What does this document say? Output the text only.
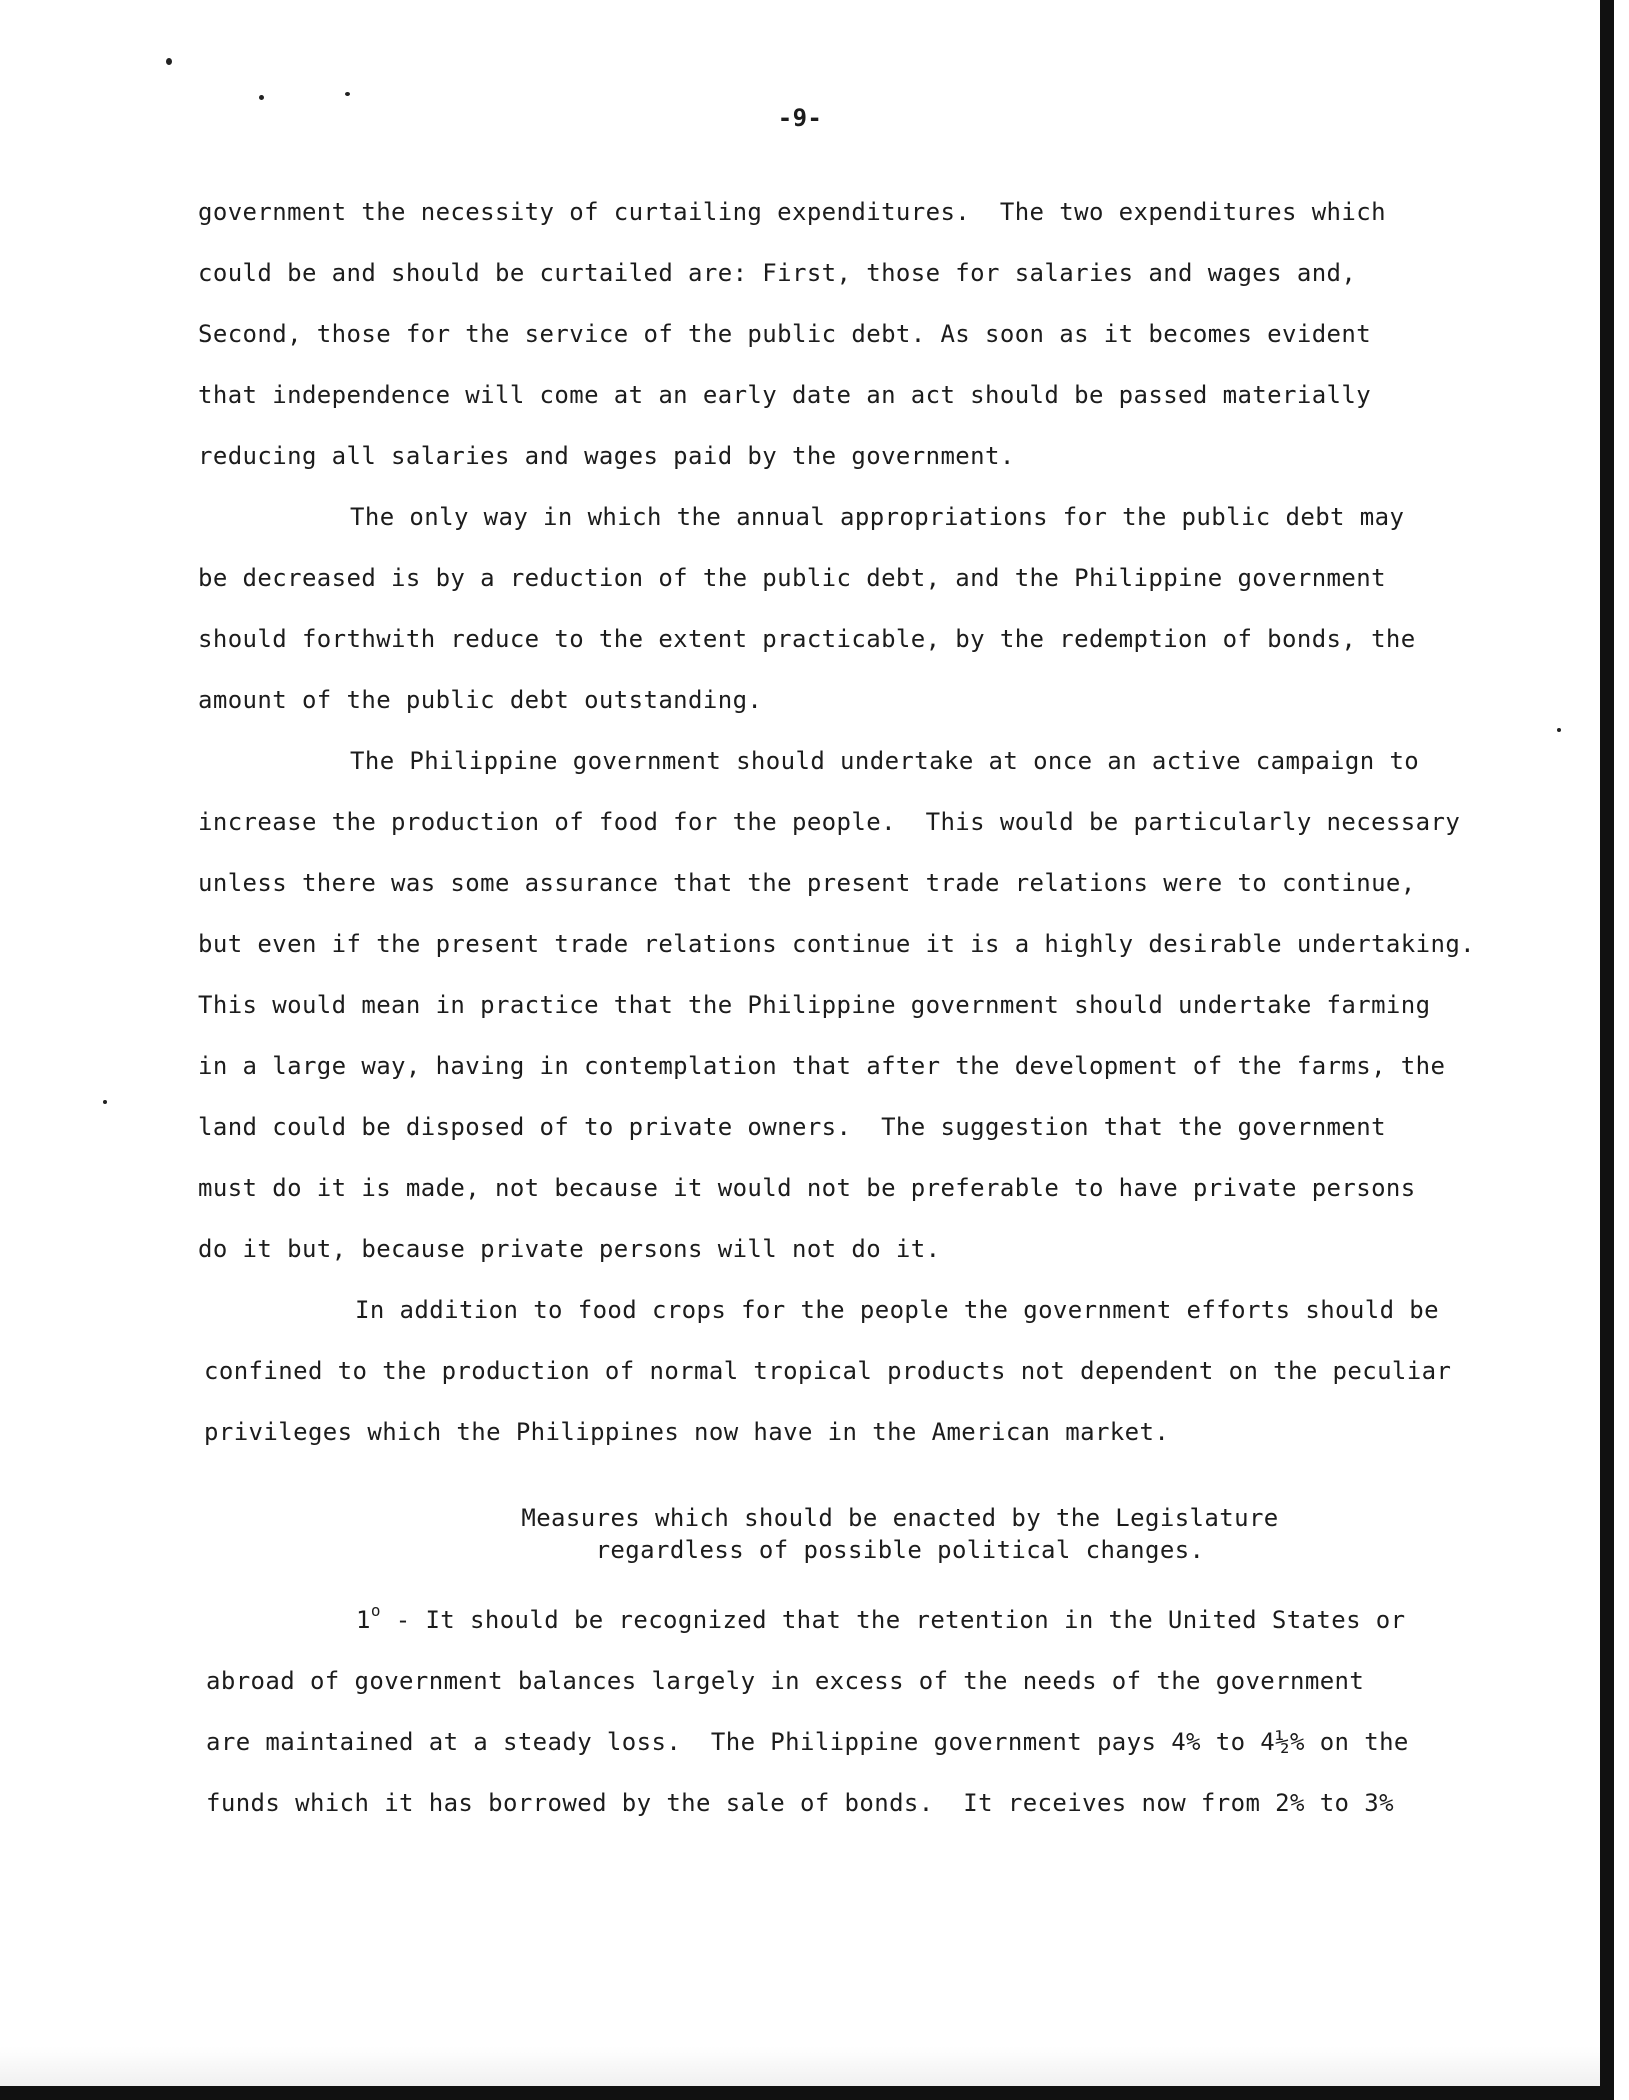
-9-
government the necessity of curtailing expenditures.  The two expenditures which
could be and should be curtailed are: First, those for salaries and wages and,
Second, those for the service of the public debt. As soon as it becomes evident
that independence will come at an early date an act should be passed materially
reducing all salaries and wages paid by the government.
The only way in which the annual appropriations for the public debt may
be decreased is by a reduction of the public debt, and the Philippine government
should forthwith reduce to the extent practicable, by the redemption of bonds, the
amount of the public debt outstanding.
The Philippine government should undertake at once an active campaign to
increase the production of food for the people.  This would be particularly necessary
unless there was some assurance that the present trade relations were to continue,
but even if the present trade relations continue it is a highly desirable undertaking.
This would mean in practice that the Philippine government should undertake farming
in a large way, having in contemplation that after the development of the farms, the
land could be disposed of to private owners.  The suggestion that the government
must do it is made, not because it would not be preferable to have private persons
do it but, because private persons will not do it.
In addition to food crops for the people the government efforts should be
confined to the production of normal tropical products not dependent on the peculiar
privileges which the Philippines now have in the American market.
Measures which should be enacted by the Legislature
regardless of possible political changes.
1$^o$ - It should be recognized that the retention in the United States or
abroad of government balances largely in excess of the needs of the government
are maintained at a steady loss.  The Philippine government pays 4% to 4½% on the
funds which it has borrowed by the sale of bonds.  It receives now from 2% to 3%
